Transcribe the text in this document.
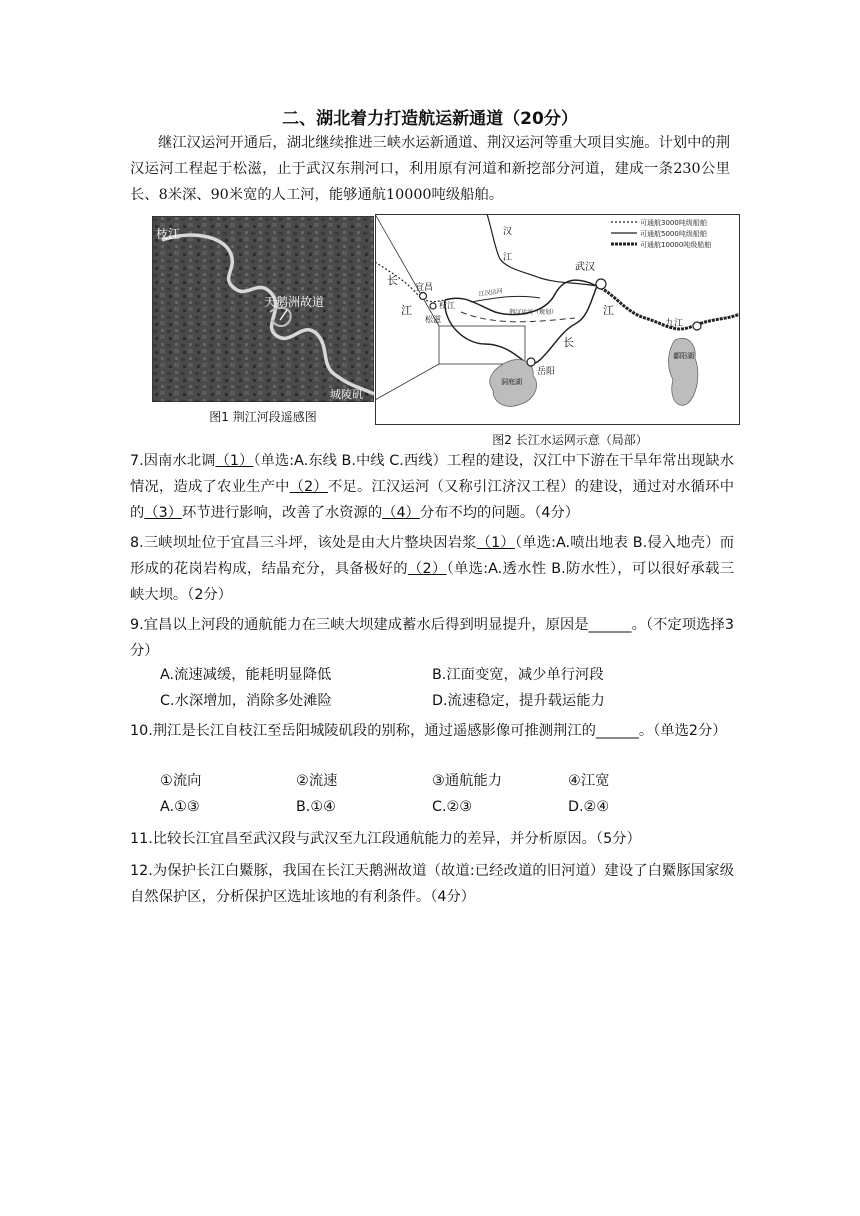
二、湖北着力打造航运新通道（20分）
继江汉运河开通后，湖北继续推进三峡水运新通道、荆汉运河等重大项目实施。计划中的荆汉运河工程起于松滋，止于武汉东荆河口，利用原有河道和新挖部分河道，建成一条230公里长、8米深、90米宽的人工河，能够通航10000吨级船舶。
枝江
天鹅洲故道
城陵矶
图1 荆江河段遥感图
可通航3000吨级船舶
可通航5000吨级船舶
可通航10000吨级船舶
汉
江
宜昌
枝江
松滋
武汉
九江
岳阳
洞庭湖
鄱阳湖
长
江	江
长
江汉运河
荆汉运河（规划）
图2 长江水运网示意（局部）
7.因南水北调（1）（单选:A.东线 B.中线 C.西线）工程的建设，汉江中下游在干旱年常出现缺水情况，造成了农业生产中（2）不足。江汉运河（又称引江济汉工程）的建设，通过对水循环中的（3）环节进行影响，改善了水资源的（4）分布不均的问题。（4分）
8.三峡坝址位于宜昌三斗坪，该处是由大片整块因岩浆（1）（单选:A.喷出地表 B.侵入地壳）而形成的花岗岩构成，结晶充分，具备极好的（2）（单选:A.透水性 B.防水性），可以很好承载三峡大坝。（2分）
9.宜昌以上河段的通航能力在三峡大坝建成蓄水后得到明显提升，原因是______。（不定项选择3分）
A.流速减缓，能耗明显降低	B.江面变宽，减少单行河段
C.水深增加，消除多处滩险	D.流速稳定，提升载运能力
10.荆江是长江自枝江至岳阳城陵矶段的别称，通过遥感影像可推测荆江的______。（单选2分）
①流向	②流速	③通航能力	④江宽
A.①③	B.①④	C.②③	D.②④
11.比较长江宜昌至武汉段与武汉至九江段通航能力的差异，并分析原因。（5分）
12.为保护长江白鱀豚，我国在长江天鹅洲故道（故道:已经改道的旧河道）建设了白鱀豚国家级自然保护区，分析保护区选址该地的有利条件。（4分）
